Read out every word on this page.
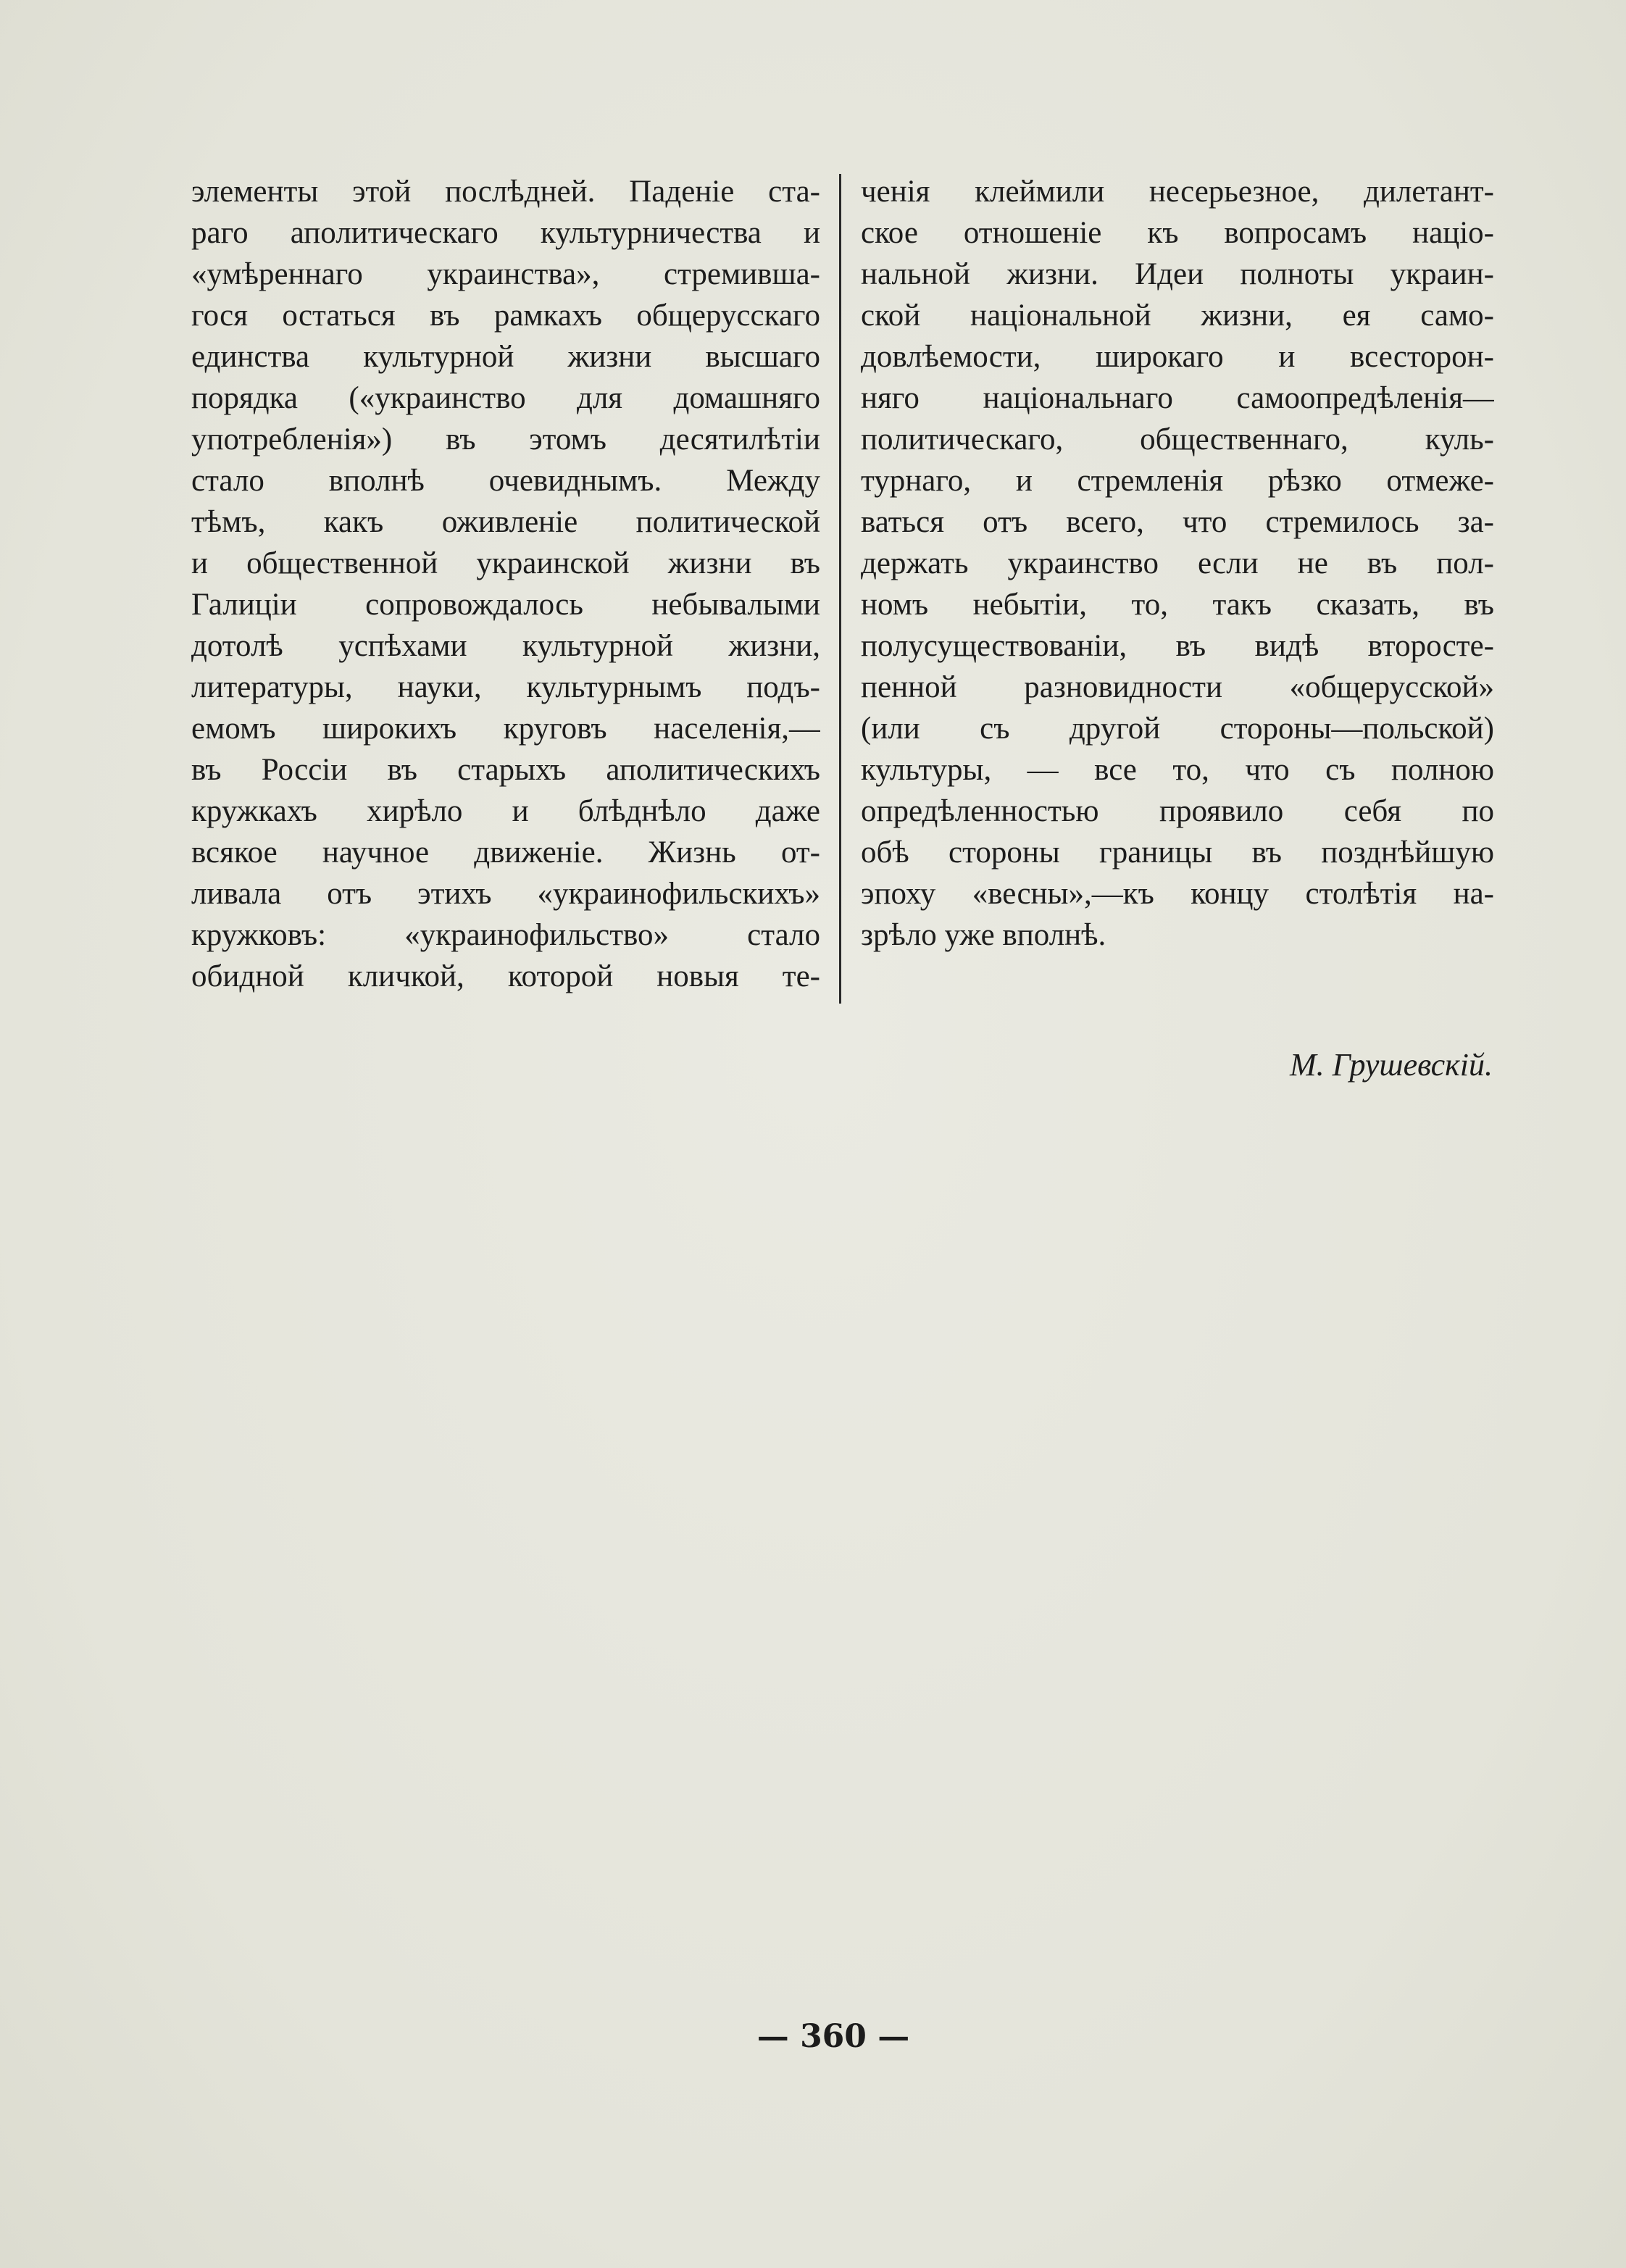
элементы этой послѣдней. Паденіе ста-
раго аполитическаго культурничества и
«умѣреннаго украинства», стремивша-
гося остаться въ рамкахъ общерусскаго
единства культурной жизни высшаго
порядка («украинство для домашняго
употребленія») въ этомъ десятилѣтіи
стало вполнѣ очевиднымъ. Между
тѣмъ, какъ оживленіе политической
и общественной украинской жизни въ
Галиціи сопровождалось небывалыми
дотолѣ успѣхами культурной жизни,
литературы, науки, культурнымъ подъ-
емомъ широкихъ круговъ населенія,—
въ Россіи въ старыхъ аполитическихъ
кружкахъ хирѣло и блѣднѣло даже
всякое научное движеніе. Жизнь от-
ливала отъ этихъ «украинофильскихъ»
кружковъ: «украинофильство» стало
обидной кличкой, которой новыя те-
ченія клеймили несерьезное, дилетант-
ское отношеніе къ вопросамъ націо-
нальной жизни. Идеи полноты украин-
ской національной жизни, ея само-
довлѣемости, широкаго и всесторон-
няго національнаго самоопредѣленія—
политическаго, общественнаго, куль-
турнаго, и стремленія рѣзко отмеже-
ваться отъ всего, что стремилось за-
держать украинство если не въ пол-
номъ небытіи, то, такъ сказать, въ
полусуществованіи, въ видѣ второсте-
пенной разновидности «общерусской»
(или съ другой стороны—польской)
культуры, — все то, что съ полною
опредѣленностью проявило себя по
обѣ стороны границы въ позднѣйшую
эпоху «весны»,—къ концу столѣтія на-
зрѣло уже вполнѣ.
М. Грушевскій.
— 360 —
